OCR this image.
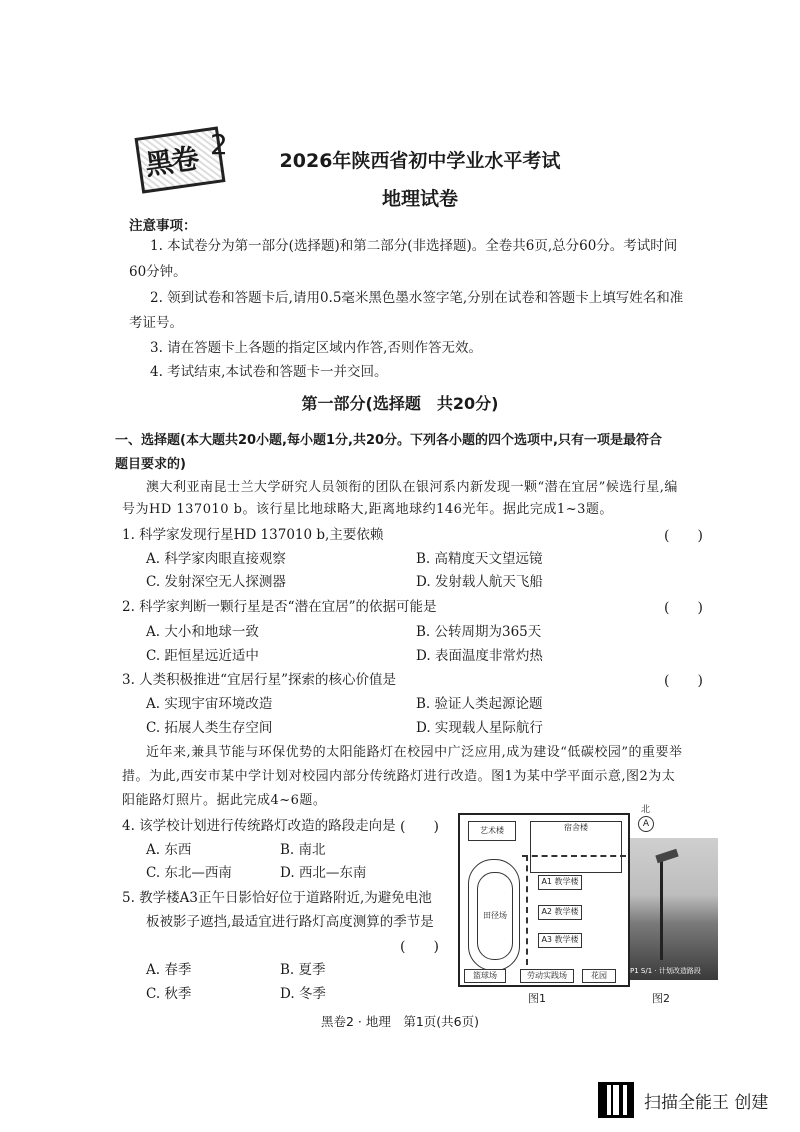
黑卷 2	2026年陕西省初中学业水平考试
地理试卷
注意事项：
1. 本试卷分为第一部分(选择题)和第二部分(非选择题)。全卷共6页,总分60分。考试时间
60分钟。
2. 领到试卷和答题卡后,请用0.5毫米黑色墨水签字笔,分别在试卷和答题卡上填写姓名和准
考证号。
3. 请在答题卡上各题的指定区域内作答,否则作答无效。
4. 考试结束,本试卷和答题卡一并交回。
第一部分(选择题　共20分)
一、选择题(本大题共20小题,每小题1分,共20分。下列各小题的四个选项中,只有一项是最符合
题目要求的)
澳大利亚南昆士兰大学研究人员领衔的团队在银河系内新发现一颗“潜在宜居”候选行星,编
号为HD 137010 b。该行星比地球略大,距离地球约146光年。据此完成1~3题。
1. 科学家发现行星HD 137010 b,主要依赖	(　　)
A. 科学家肉眼直接观察	B. 高精度天文望远镜
C. 发射深空无人探测器	D. 发射载人航天飞船
2. 科学家判断一颗行星是否“潜在宜居”的依据可能是	(　　)
A. 大小和地球一致	B. 公转周期为365天
C. 距恒星远近适中	D. 表面温度非常灼热
3. 人类积极推进“宜居行星”探索的核心价值是	(　　)
A. 实现宇宙环境改造	B. 验证人类起源论题
C. 拓展人类生存空间	D. 实现载人星际航行
近年来,兼具节能与环保优势的太阳能路灯在校园中广泛应用,成为建设“低碳校园”的重要举
措。为此,西安市某中学计划对校园内部分传统路灯进行改造。图1为某中学平面示意,图2为太
阳能路灯照片。据此完成4~6题。
4. 该学校计划进行传统路灯改造的路段走向是 (　　)
A. 东西	B. 南北
C. 东北—西南	D. 西北—东南
5. 教学楼A3正午日影恰好位于道路附近,为避免电池
板被影子遮挡,最适宜进行路灯高度测算的季节是
(　　)
A. 春季	B. 夏季
C. 秋季	D. 冬季
艺术楼	宿舍楼
田径场
A1 教学楼
A2 教学楼
A3 教学楼
篮球场	劳动实践场	花园
A
北
图1
P1 S/1 · 计划改造路段
图2
黑卷2 · 地理　第1页(共6页)
扫描全能王 创建
